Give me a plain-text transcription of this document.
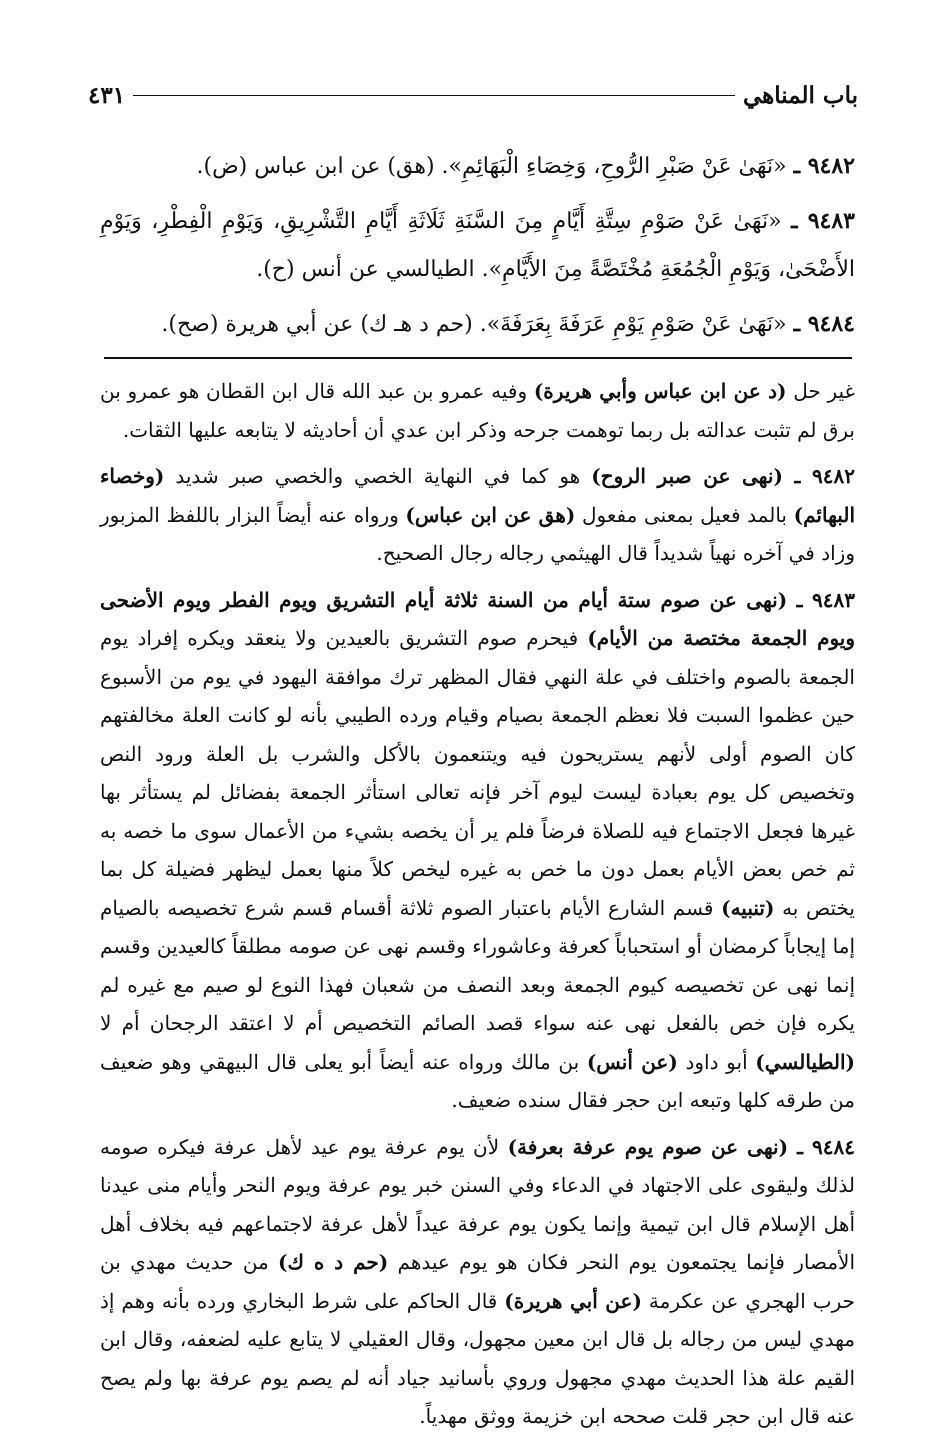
باب المناهي
٤٣١

٩٤٨٢ ـ «نَهَىٰ عَنْ صَبْرِ الرُّوحِ، وَخِصَاءِ الْبَهَائِمِ». (هق) عن ابن عباس (ض).

٩٤٨٣ ـ «نَهَىٰ عَنْ صَوْمِ سِتَّةِ أَيَّامٍ مِنَ السَّنَةِ ثَلَاثَةِ أَيَّامِ التَّشْرِيقِ، وَيَوْمِ الْفِطْرِ، وَيَوْمِ الأَضْحَىٰ، وَيَوْمِ الْجُمُعَةِ مُخْتَصَّةً مِنَ الأَيَّامِ». الطيالسي عن أنس (ح).

٩٤٨٤ ـ «نَهَىٰ عَنْ صَوْمِ يَوْمِ عَرَفَةَ بِعَرَفَةَ». (حم د هـ ك) عن أبي هريرة (صح).

غير حل (د عن ابن عباس وأبي هريرة) وفيه عمرو بن عبد الله قال ابن القطان هو عمرو بن برق لم تثبت عدالته بل ربما توهمت جرحه وذكر ابن عدي أن أحاديثه لا يتابعه عليها الثقات.

٩٤٨٢ ـ (نهى عن صبر الروح) هو كما في النهاية الخصي والخصي صبر شديد (وخصاء البهائم) بالمد فعيل بمعنى مفعول (هق عن ابن عباس) ورواه عنه أيضاً البزار باللفظ المزبور وزاد في آخره نهياً شديداً قال الهيثمي رجاله رجال الصحيح.

٩٤٨٣ ـ (نهى عن صوم ستة أيام من السنة ثلاثة أيام التشريق ويوم الفطر ويوم الأضحى ويوم الجمعة مختصة من الأيام) فيحرم صوم التشريق بالعيدين ولا ينعقد ويكره إفراد يوم الجمعة بالصوم واختلف في علة النهي فقال المظهر ترك موافقة اليهود في يوم من الأسبوع حين عظموا السبت فلا نعظم الجمعة بصيام وقيام ورده الطيبي بأنه لو كانت العلة مخالفتهم كان الصوم أولى لأنهم يستريحون فيه ويتنعمون بالأكل والشرب بل العلة ورود النص وتخصيص كل يوم بعبادة ليست ليوم آخر فإنه تعالى استأثر الجمعة بفضائل لم يستأثر بها غيرها فجعل الاجتماع فيه للصلاة فرضاً فلم ير أن يخصه بشيء من الأعمال سوى ما خصه به ثم خص بعض الأيام بعمل دون ما خص به غيره ليخص كلاً منها بعمل ليظهر فضيلة كل بما يختص به (تنبيه) قسم الشارع الأيام باعتبار الصوم ثلاثة أقسام قسم شرع تخصيصه بالصيام إما إيجاباً كرمضان أو استحباباً كعرفة وعاشوراء وقسم نهى عن صومه مطلقاً كالعيدين وقسم إنما نهى عن تخصيصه كيوم الجمعة وبعد النصف من شعبان فهذا النوع لو صيم مع غيره لم يكره فإن خص بالفعل نهى عنه سواء قصد الصائم التخصيص أم لا اعتقد الرجحان أم لا (الطيالسي) أبو داود (عن أنس) بن مالك ورواه عنه أيضاً أبو يعلى قال البيهقي وهو ضعيف من طرقه كلها وتبعه ابن حجر فقال سنده ضعيف.

٩٤٨٤ ـ (نهى عن صوم يوم عرفة بعرفة) لأن يوم عرفة يوم عيد لأهل عرفة فيكره صومه لذلك وليقوى على الاجتهاد في الدعاء وفي السنن خبر يوم عرفة ويوم النحر وأيام منى عيدنا أهل الإسلام قال ابن تيمية وإنما يكون يوم عرفة عيداً لأهل عرفة لاجتماعهم فيه بخلاف أهل الأمصار فإنما يجتمعون يوم النحر فكان هو يوم عيدهم (حم د ه ك) من حديث مهدي بن حرب الهجري عن عكرمة (عن أبي هريرة) قال الحاكم على شرط البخاري ورده بأنه وهم إذ مهدي ليس من رجاله بل قال ابن معين مجهول، وقال العقيلي لا يتابع عليه لضعفه، وقال ابن القيم علة هذا الحديث مهدي مجهول وروي بأسانيد جياد أنه لم يصم يوم عرفة بها ولم يصح عنه قال ابن حجر قلت صححه ابن خزيمة ووثق مهدياً.
